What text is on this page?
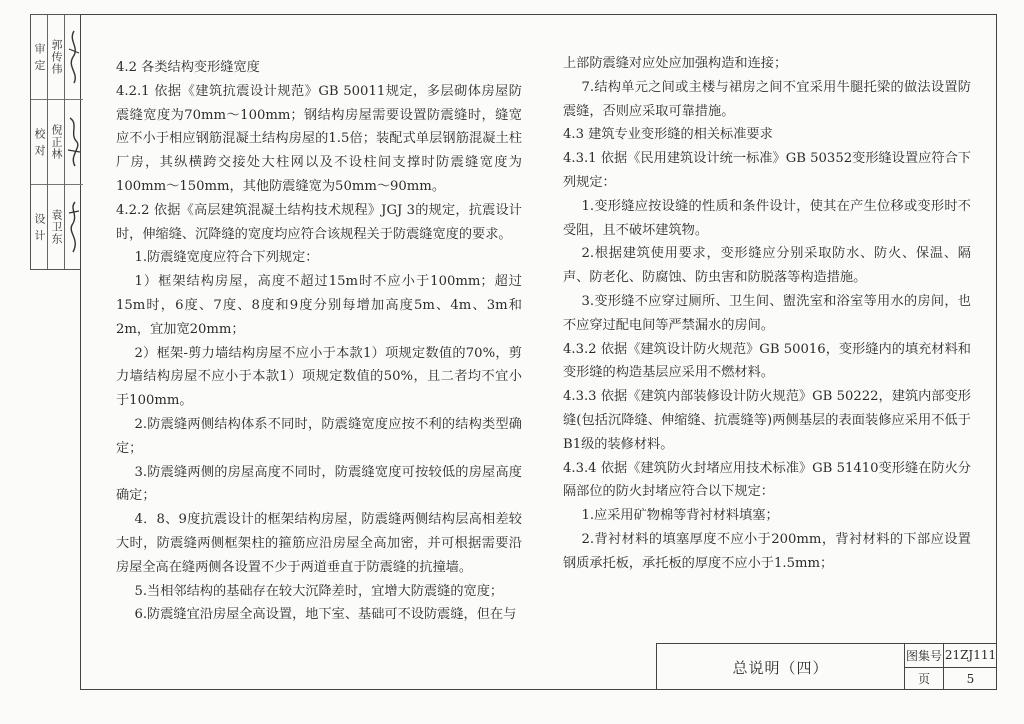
审 定
校 对
设 计
郭传伟
倪正林
袁卫东

4.2 各类结构变形缝宽度

4.2.1 依据《建筑抗震设计规范》GB 50011规定，多层砌体房屋防震缝宽度为70mm～100mm；钢结构房屋需要设置防震缝时，缝宽应不小于相应钢筋混凝土结构房屋的1.5倍；装配式单层钢筋混凝土柱厂房，其纵横跨交接处大柱网以及不设柱间支撑时防震缝宽度为100mm～150mm，其他防震缝宽为50mm～90mm。

4.2.2 依据《高层建筑混凝土结构技术规程》JGJ 3的规定，抗震设计时，伸缩缝、沉降缝的宽度均应符合该规程关于防震缝宽度的要求。

1.防震缝宽度应符合下列规定：

1）框架结构房屋，高度不超过15m时不应小于100mm；超过15m时，6度、7度、8度和9度分别每增加高度5m、4m、3m和2m，宜加宽20mm；

2）框架-剪力墙结构房屋不应小于本款1）项规定数值的70%，剪力墙结构房屋不应小于本款1）项规定数值的50%，且二者均不宜小于100mm。

2.防震缝两侧结构体系不同时，防震缝宽度应按不利的结构类型确定；

3.防震缝两侧的房屋高度不同时，防震缝宽度可按较低的房屋高度确定；

4．8、9度抗震设计的框架结构房屋，防震缝两侧结构层高相差较大时，防震缝两侧框架柱的箍筋应沿房屋全高加密，并可根据需要沿房屋全高在缝两侧各设置不少于两道垂直于防震缝的抗撞墙。

5.当相邻结构的基础存在较大沉降差时，宜增大防震缝的宽度；

6.防震缝宜沿房屋全高设置，地下室、基础可不设防震缝，但在与

上部防震缝对应处应加强构造和连接；

7.结构单元之间或主楼与裙房之间不宜采用牛腿托梁的做法设置防震缝，否则应采取可靠措施。

4.3 建筑专业变形缝的相关标准要求

4.3.1 依据《民用建筑设计统一标准》GB 50352变形缝设置应符合下列规定：

1.变形缝应按设缝的性质和条件设计，使其在产生位移或变形时不受阻，且不破坏建筑物。

2.根据建筑使用要求，变形缝应分别采取防水、防火、保温、隔声、防老化、防腐蚀、防虫害和防脱落等构造措施。

3.变形缝不应穿过厕所、卫生间、盥洗室和浴室等用水的房间，也不应穿过配电间等严禁漏水的房间。

4.3.2 依据《建筑设计防火规范》GB 50016，变形缝内的填充材料和变形缝的构造基层应采用不燃材料。

4.3.3 依据《建筑内部装修设计防火规范》GB 50222，建筑内部变形缝(包括沉降缝、伸缩缝、抗震缝等)两侧基层的表面装修应采用不低于B1级的装修材料。

4.3.4 依据《建筑防火封堵应用技术标准》GB 51410变形缝在防火分隔部位的防火封堵应符合以下规定：

1.应采用矿物棉等背衬材料填塞；

2.背衬材料的填塞厚度不应小于200mm，背衬材料的下部应设置钢质承托板，承托板的厚度不应小于1.5mm；

总说明（四）
图集号 21ZJ111
页	5
